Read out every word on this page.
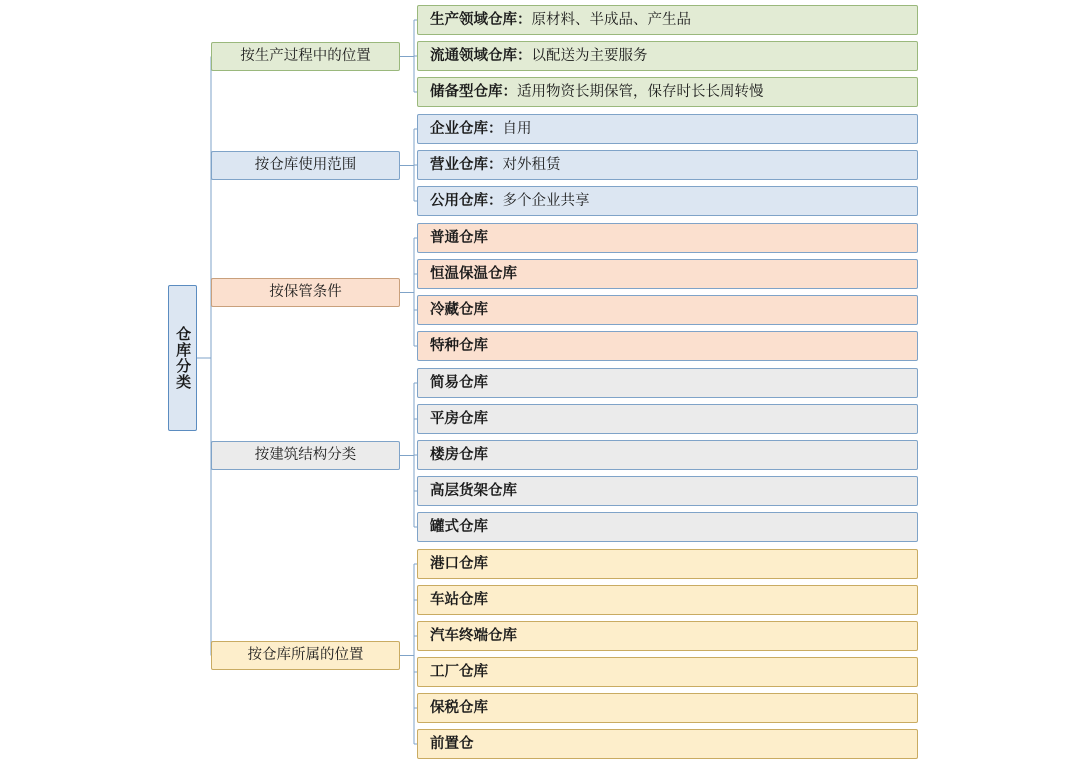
仓库分类
按生产过程中的位置
生产领域仓库： 原材料、半成品、产生品
流通领域仓库： 以配送为主要服务
储备型仓库： 适用物资长期保管，保存时长长周转慢
按仓库使用范围
企业仓库： 自用
营业仓库： 对外租赁
公用仓库： 多个企业共享
按保管条件
普通仓库
恒温保温仓库
冷藏仓库
特种仓库
按建筑结构分类
简易仓库
平房仓库
楼房仓库
高层货架仓库
罐式仓库
按仓库所属的位置
港口仓库
车站仓库
汽车终端仓库
工厂仓库
保税仓库
前置仓
